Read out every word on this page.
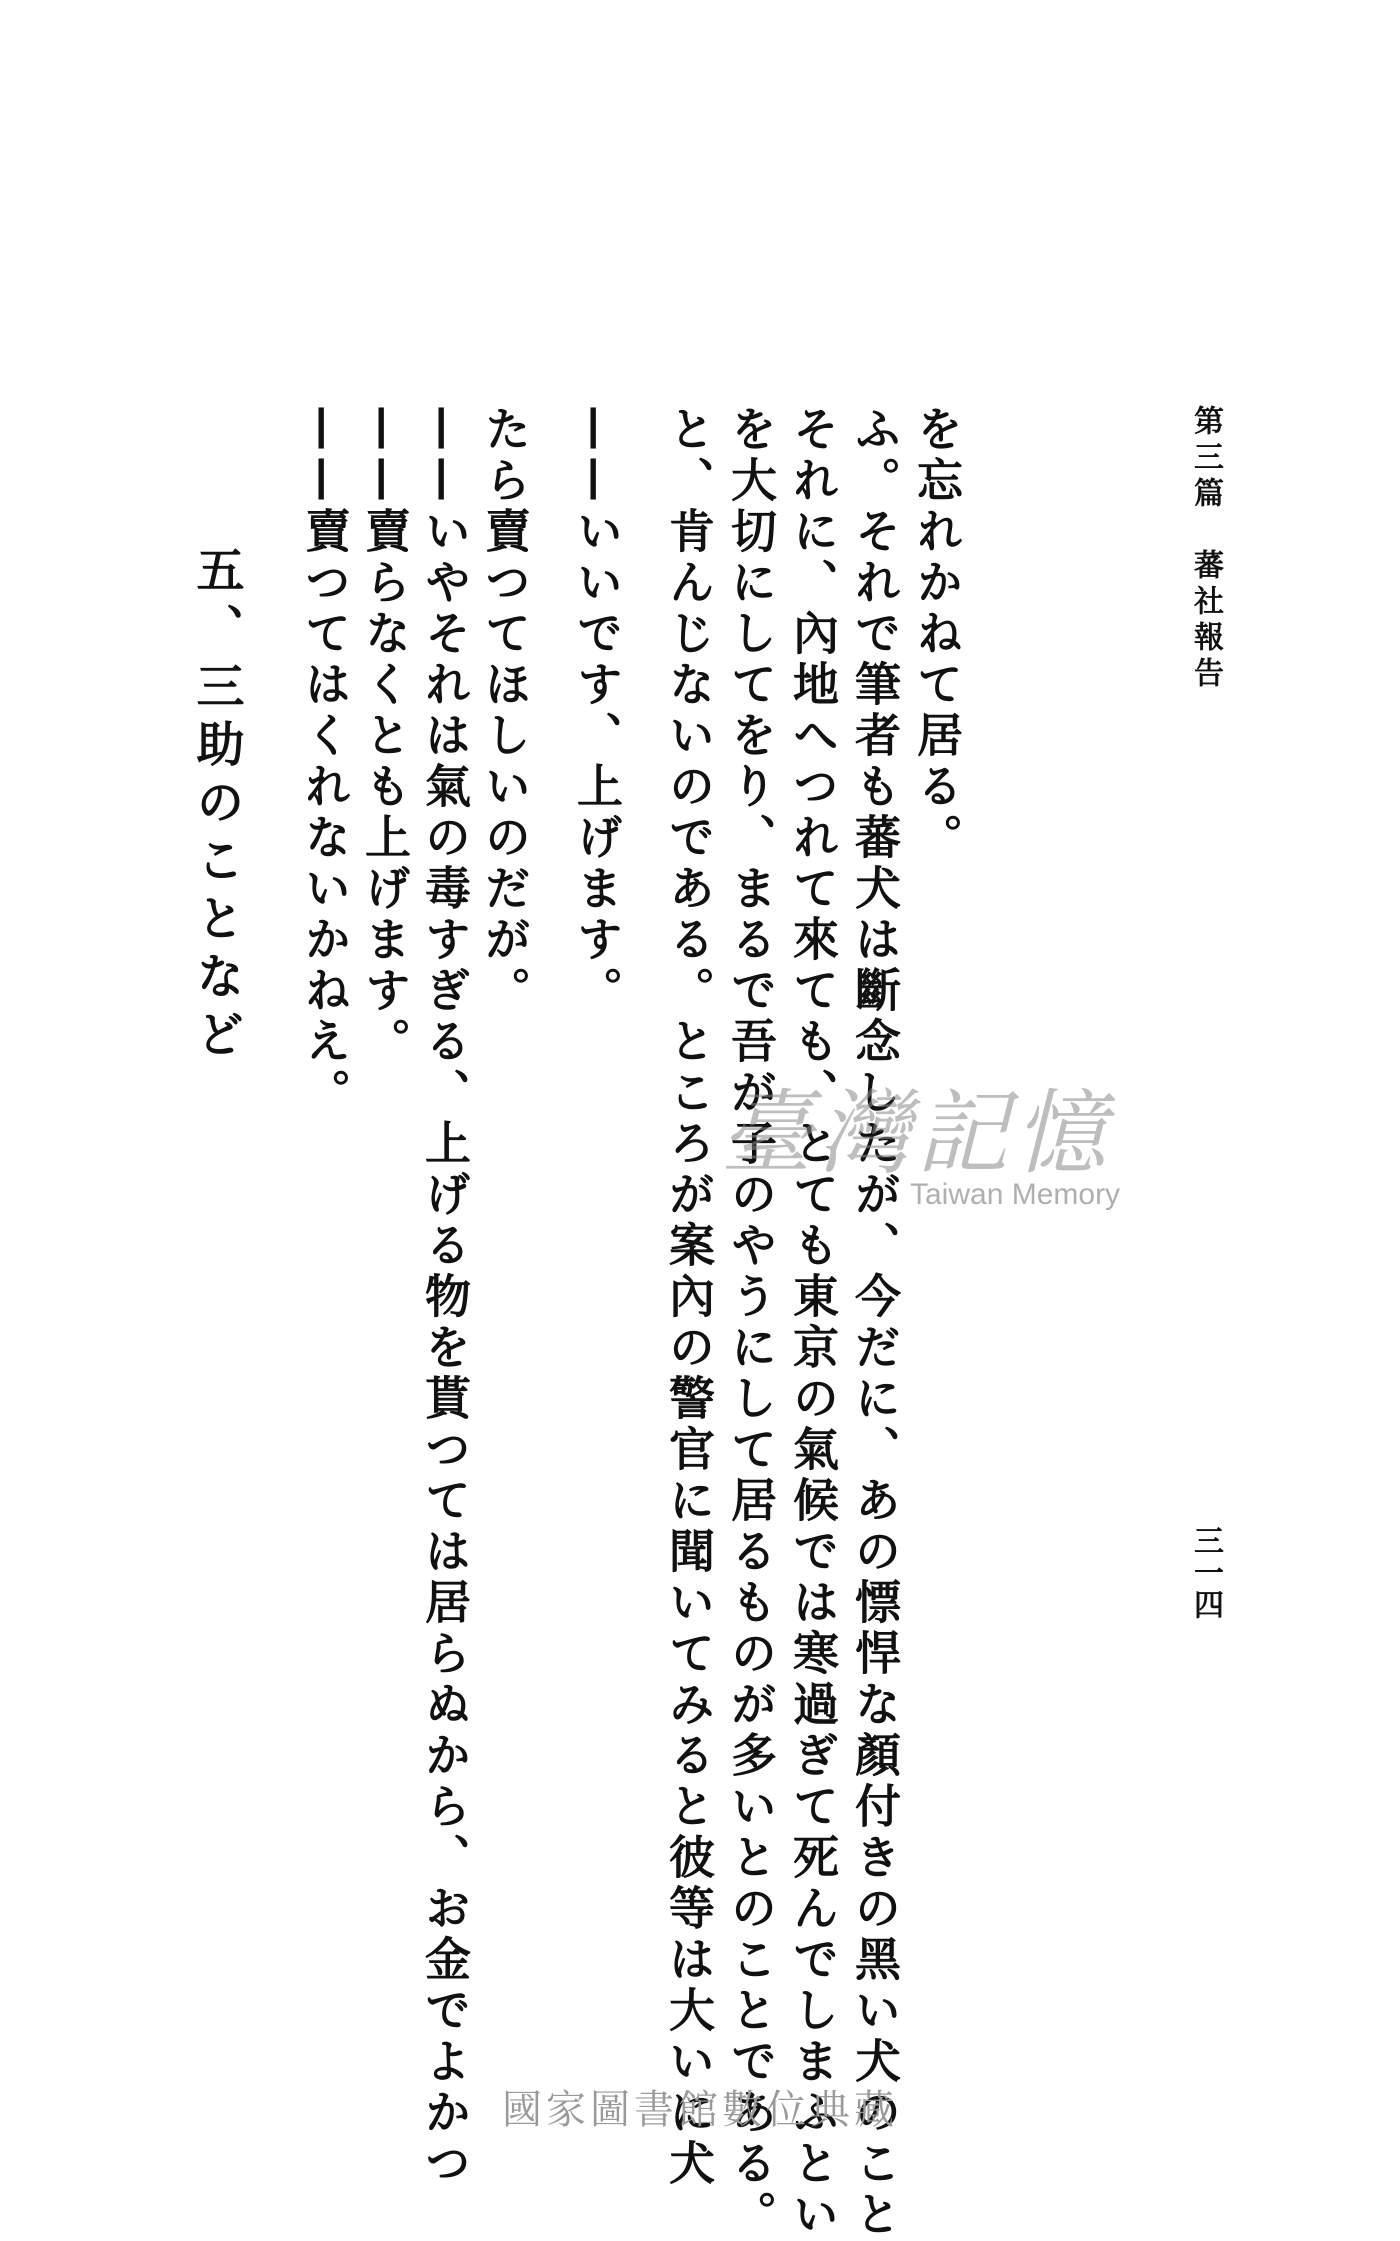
第三篇　蕃社報告
三一四
——賣つてはくれないかねえ。 ——賣らなくとも上げます。 ——いやそれは氣の毒すぎる、上げる物を貰つては居らぬから、お金でよかつ たら賣つてほしいのだが。 ——いいです、上げます。 と、肯んじないのである。ところが案內の警官に聞いてみると彼等は大いに犬 を大切にしてをり、まるで吾が子のやうにして居るものが多いとのことである。 それに、內地へつれて來ても、とても東京の氣候では寒過ぎて死んでしまふとい ふ。それで筆者も蕃犬は斷念したが、今だに、あの慓悍な顏付きの黑い犬のこと を忘れかねて居る。
五、三助のことなど
臺灣記憶
Taiwan Memory
國家圖書館數位典藏
